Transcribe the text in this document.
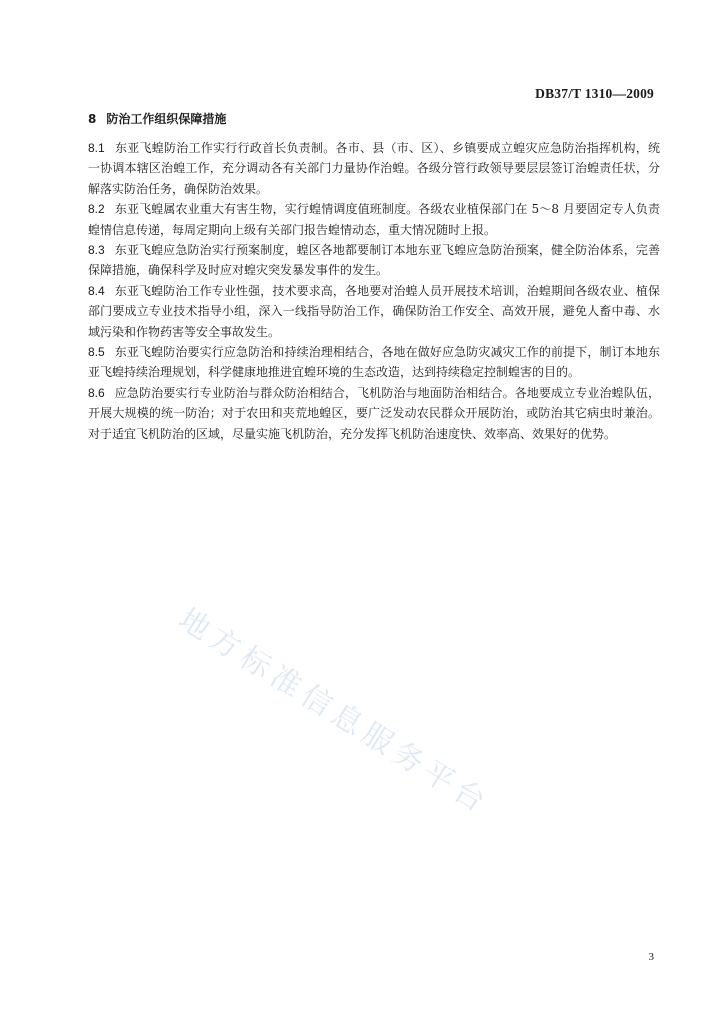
DB37/T 1310—2009
8 防治工作组织保障措施

8.1 东亚飞蝗防治工作实行行政首长负责制。各市、县（市、区）、乡镇要成立蝗灾应急防治指挥机构，统一协调本辖区治蝗工作，充分调动各有关部门力量协作治蝗。各级分管行政领导要层层签订治蝗责任状，分解落实防治任务，确保防治效果。

8.2 东亚飞蝗属农业重大有害生物，实行蝗情调度值班制度。各级农业植保部门在 5～8 月要固定专人负责蝗情信息传递，每周定期向上级有关部门报告蝗情动态，重大情况随时上报。

8.3 东亚飞蝗应急防治实行预案制度，蝗区各地都要制订本地东亚飞蝗应急防治预案，健全防治体系，完善保障措施，确保科学及时应对蝗灾突发暴发事件的发生。

8.4 东亚飞蝗防治工作专业性强，技术要求高，各地要对治蝗人员开展技术培训，治蝗期间各级农业、植保部门要成立专业技术指导小组，深入一线指导防治工作，确保防治工作安全、高效开展，避免人畜中毒、水域污染和作物药害等安全事故发生。

8.5 东亚飞蝗防治要实行应急防治和持续治理相结合，各地在做好应急防灾减灾工作的前提下，制订本地东亚飞蝗持续治理规划，科学健康地推进宜蝗环境的生态改造，达到持续稳定控制蝗害的目的。

8.6 应急防治要实行专业防治与群众防治相结合，飞机防治与地面防治相结合。各地要成立专业治蝗队伍，开展大规模的统一防治；对于农田和夹荒地蝗区，要广泛发动农民群众开展防治，或防治其它病虫时兼治。对于适宜飞机防治的区域，尽量实施飞机防治，充分发挥飞机防治速度快、效率高、效果好的优势。

地方标准信息服务平台
3
